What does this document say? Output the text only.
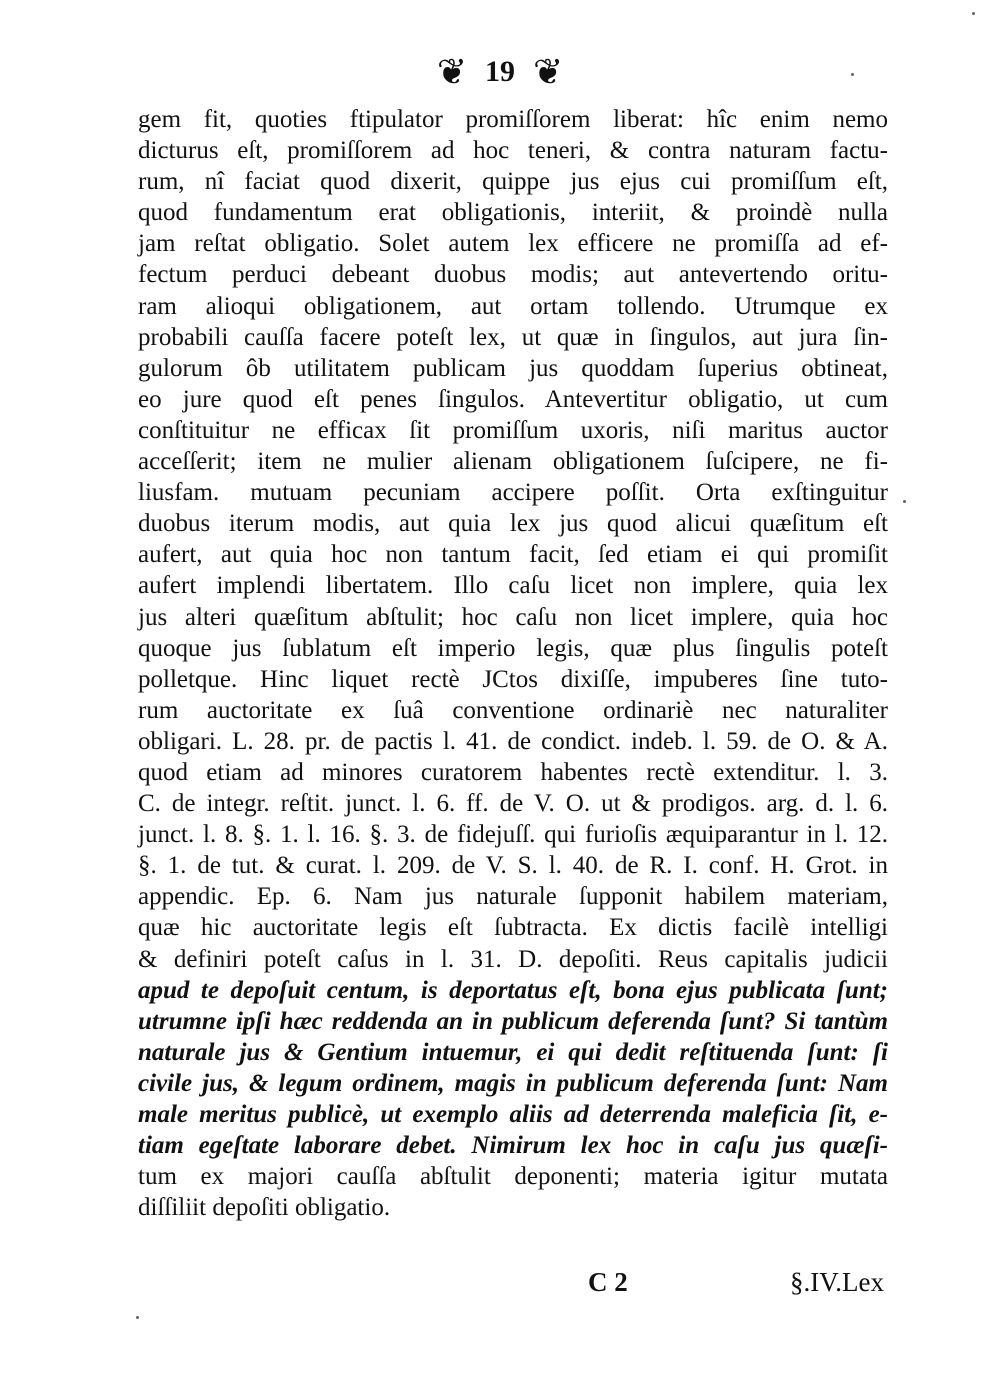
❦ 19 ❦
gem fit, quoties ftipulator promiſſorem liberat: hîc enim nemo
dicturus eſt, promiſſorem ad hoc teneri, & contra naturam factu-
rum, nî faciat quod dixerit, quippe jus ejus cui promiſſum eſt,
quod fundamentum erat obligationis, interiit, & proindè nulla
jam reſtat obligatio. Solet autem lex efficere ne promiſſa ad ef-
fectum perduci debeant duobus modis; aut antevertendo oritu-
ram alioqui obligationem, aut ortam tollendo. Utrumque ex
probabili cauſſa facere poteſt lex, ut quæ in ſingulos, aut jura ſin-
gulorum ôb utilitatem publicam jus quoddam ſuperius obtineat,
eo jure quod eſt penes ſingulos. Antevertitur obligatio, ut cum
conſtituitur ne efficax ſit promiſſum uxoris, niſi maritus auctor
acceſſerit; item ne mulier alienam obligationem ſuſcipere, ne fi-
liusfam. mutuam pecuniam accipere poſſit. Orta exſtinguitur
duobus iterum modis, aut quia lex jus quod alicui quæſitum eſt
aufert, aut quia hoc non tantum facit, ſed etiam ei qui promiſit
aufert implendi libertatem. Illo caſu licet non implere, quia lex
jus alteri quæſitum abſtulit; hoc caſu non licet implere, quia hoc
quoque jus ſublatum eſt imperio legis, quæ plus ſingulis poteſt
polletque. Hinc liquet rectè JCtos dixiſſe, impuberes ſine tuto-
rum auctoritate ex ſuâ conventione ordinariè nec naturaliter
obligari. L. 28. pr. de pactis l. 41. de condict. indeb. l. 59. de O. & A.
quod etiam ad minores curatorem habentes rectè extenditur. l. 3.
C. de integr. reſtit. junct. l. 6. ff. de V. O. ut & prodigos. arg. d. l. 6.
junct. l. 8. §. 1. l. 16. §. 3. de fidejuſſ. qui furioſis æquiparantur in l. 12.
§. 1. de tut. & curat. l. 209. de V. S. l. 40. de R. I. conf. H. Grot. in
appendic. Ep. 6. Nam jus naturale ſupponit habilem materiam,
quæ hic auctoritate legis eſt ſubtracta. Ex dictis facilè intelligi
& definiri poteſt caſus in l. 31. D. depoſiti. Reus capitalis judicii
apud te depoſuit centum, is deportatus eſt, bona ejus publicata ſunt;
utrumne ipſi hæc reddenda an in publicum deferenda ſunt? Si tantùm
naturale jus & Gentium intuemur, ei qui dedit reſtituenda ſunt: ſi
civile jus, & legum ordinem, magis in publicum deferenda ſunt: Nam
male meritus publicè, ut exemplo aliis ad deterrenda maleficia ſit, e-
tiam egeſtate laborare debet. Nimirum lex hoc in caſu jus quæſi-
tum ex majori cauſſa abſtulit deponenti; materia igitur mutata
diſſiliit depoſiti obligatio.
C 2	§.IV.Lex
